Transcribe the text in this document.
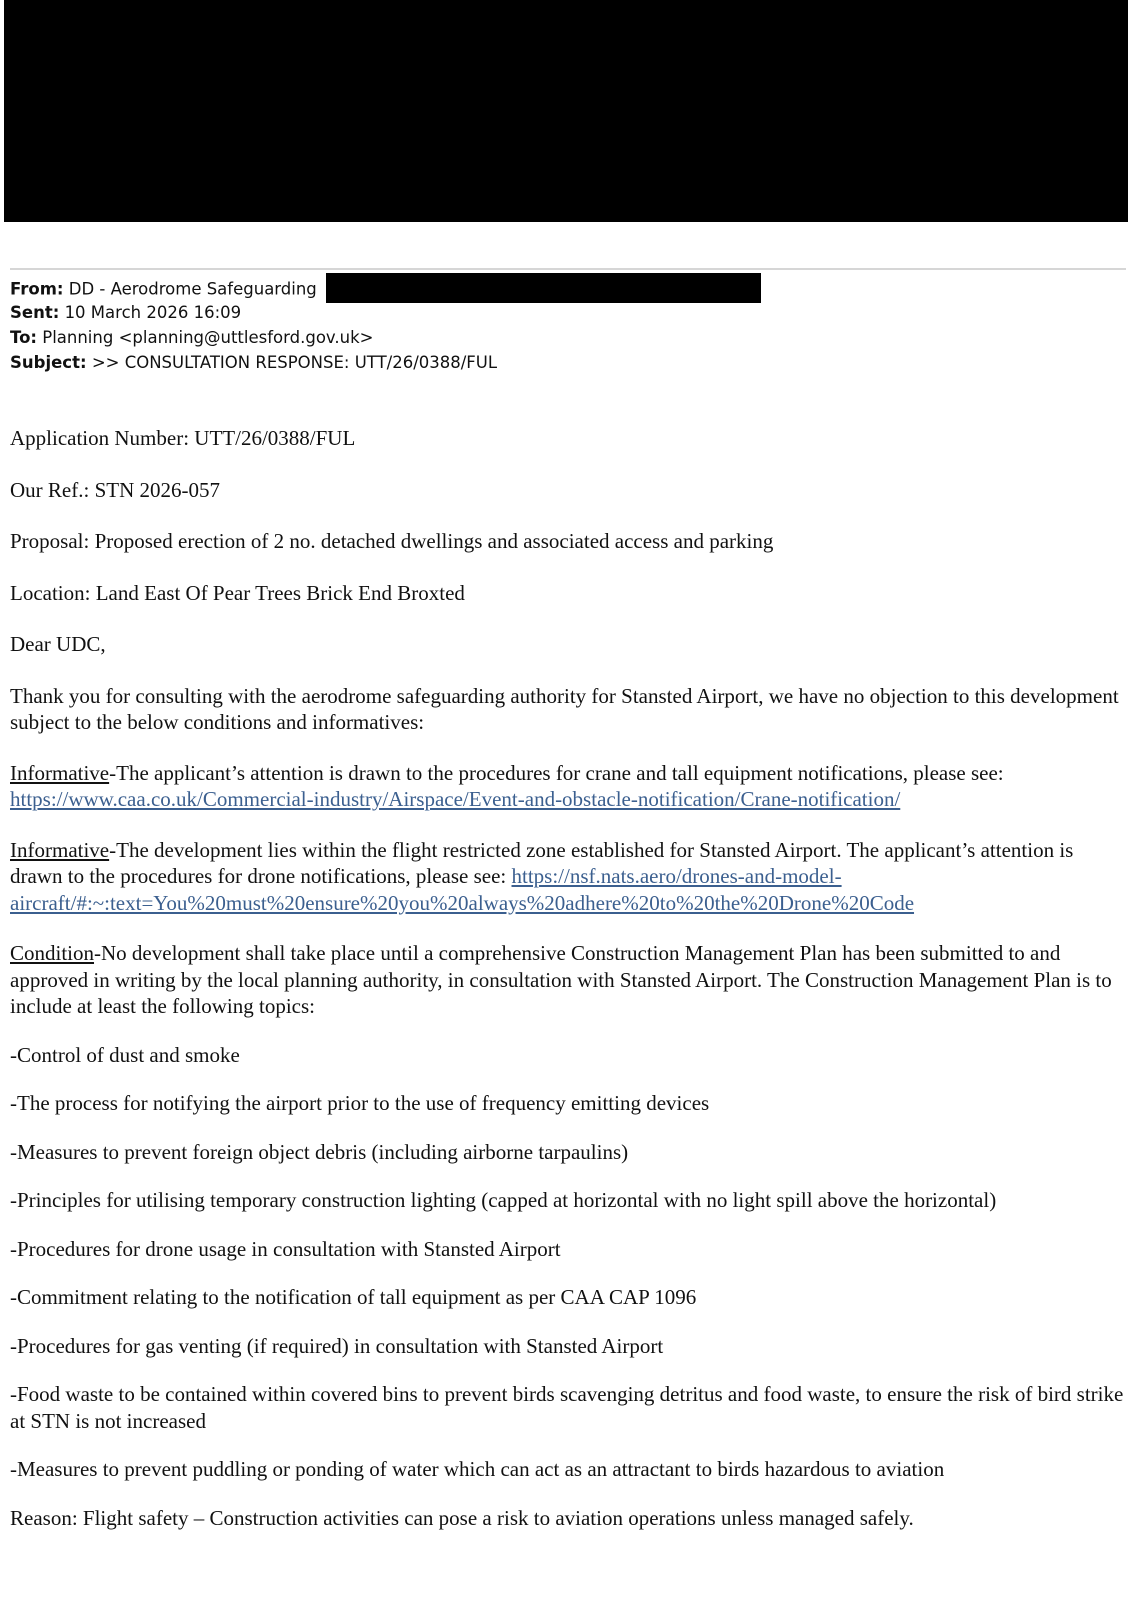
From: DD - Aerodrome Safeguarding
Sent: 10 March 2026 16:09
To: Planning <planning@uttlesford.gov.uk>
Subject: >> CONSULTATION RESPONSE: UTT/26/0388/FUL

Application Number: UTT/26/0388/FUL

Our Ref.: STN 2026-057

Proposal: Proposed erection of 2 no. detached dwellings and associated access and parking

Location: Land East Of Pear Trees Brick End Broxted

Dear UDC,

Thank you for consulting with the aerodrome safeguarding authority for Stansted Airport, we have no objection to this development subject to the below conditions and informatives:

Informative-The applicant’s attention is drawn to the procedures for crane and tall equipment notifications, please see: https://www.caa.co.uk/Commercial-industry/Airspace/Event-and-obstacle-notification/Crane-notification/

Informative-The development lies within the flight restricted zone established for Stansted Airport. The applicant’s attention is drawn to the procedures for drone notifications, please see: https://nsf.nats.aero/drones-and-model-aircraft/#:~:text=You%20must%20ensure%20you%20always%20adhere%20to%20the%20Drone%20Code

Condition-No development shall take place until a comprehensive Construction Management Plan has been submitted to and approved in writing by the local planning authority, in consultation with Stansted Airport. The Construction Management Plan is to include at least the following topics:

-Control of dust and smoke

-The process for notifying the airport prior to the use of frequency emitting devices

-Measures to prevent foreign object debris (including airborne tarpaulins)

-Principles for utilising temporary construction lighting (capped at horizontal with no light spill above the horizontal)

-Procedures for drone usage in consultation with Stansted Airport

-Commitment relating to the notification of tall equipment as per CAA CAP 1096

-Procedures for gas venting (if required) in consultation with Stansted Airport

-Food waste to be contained within covered bins to prevent birds scavenging detritus and food waste, to ensure the risk of bird strike at STN is not increased

-Measures to prevent puddling or ponding of water which can act as an attractant to birds hazardous to aviation

Reason: Flight safety – Construction activities can pose a risk to aviation operations unless managed safely.
